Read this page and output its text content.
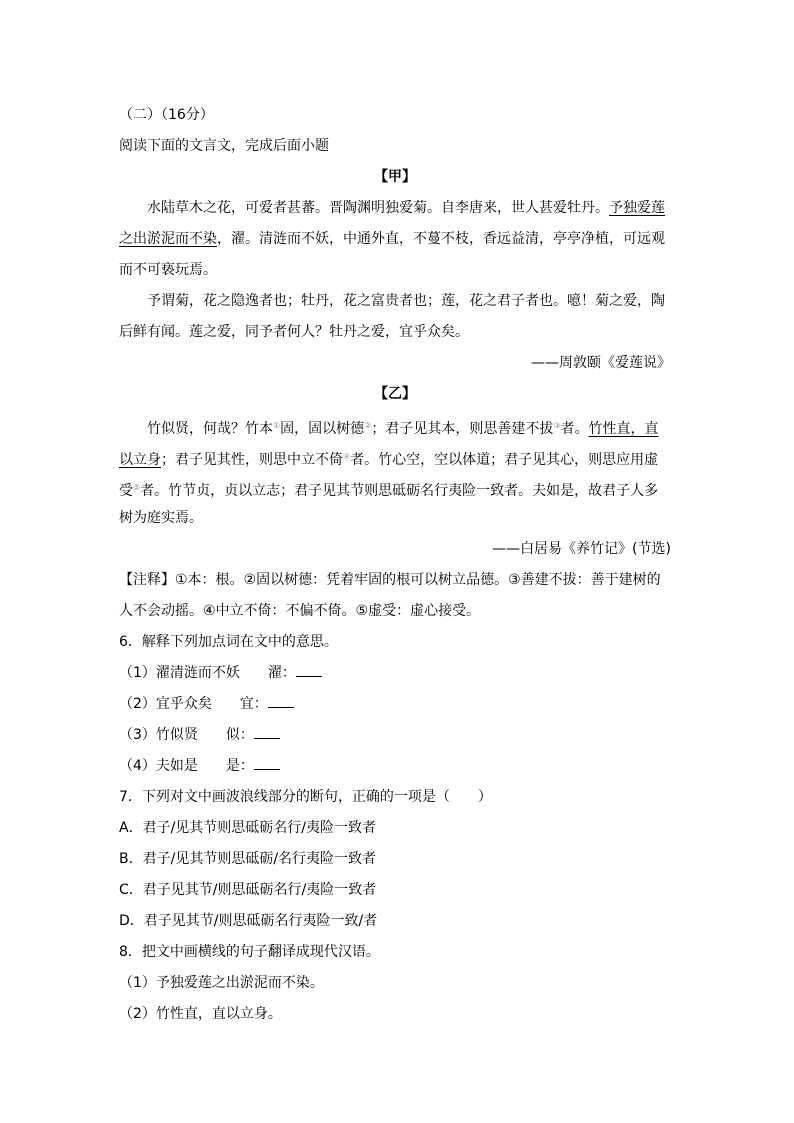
（二）（16分）
阅读下面的文言文，完成后面小题
【甲】
水陆草木之花，可爱者甚蕃。晋陶渊明独爱菊。自李唐来，世人甚爱牡丹。予独爱莲
之出淤泥而不染，濯。清涟而不妖，中通外直，不蔓不枝，香远益清，亭亭净植，可远观
而不可亵玩焉。
予谓菊，花之隐逸者也；牡丹，花之富贵者也；莲，花之君子者也。噫！菊之爱，陶
后鲜有闻。莲之爱，同予者何人？牡丹之爱，宜乎众矣。
——周敦颐《爱莲说》
【乙】
竹似贤，何哉？竹本①固，固以树德②；君子见其本，则思善建不拔③者。竹性直，直
以立身；君子见其性，则思中立不倚④者。竹心空，空以体道；君子见其心，则思应用虚
受⑤者。竹节贞，贞以立志；君子见其节则思砥砺名行夷险一致者。夫如是，故君子人多
树为庭实焉。
——白居易《养竹记》(节选)
【注释】①本：根。②固以树德：凭着牢固的根可以树立品德。③善建不拔：善于建树的
人不会动摇。④中立不倚：不偏不倚。⑤虚受：虚心接受。
6．解释下列加点词在文中的意思。
（1）濯清涟而不妖 濯：
（2）宜乎众矣 宜：
（3）竹似贤 似：
（4）夫如是 是：
7．下列对文中画波浪线部分的断句，正确的一项是（　　）
A．君子/见其节则思砥砺名行/夷险一致者
B．君子/见其节则思砥砺/名行夷险一致者
C．君子见其节/则思砥砺名行/夷险一致者
D．君子见其节/则思砥砺名行夷险一致/者
8．把文中画横线的句子翻译成现代汉语。
（1）予独爱莲之出淤泥而不染。
（2）竹性直，直以立身。
